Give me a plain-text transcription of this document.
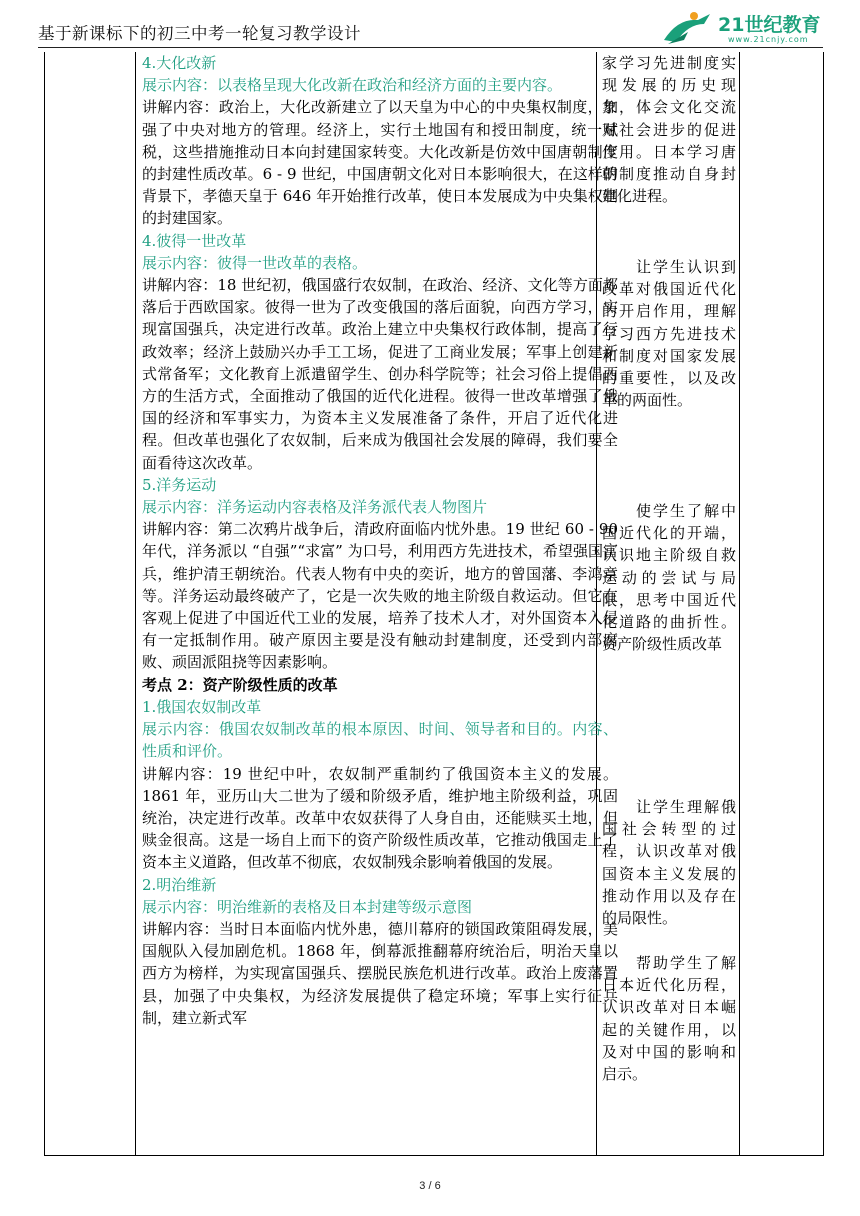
基于新课标下的初三中考一轮复习教学设计	21世纪教育
www.21cnjy.com

4.大化改新

展示内容：以表格呈现大化改新在政治和经济方面的主要内容。

讲解内容：政治上，大化改新建立了以天皇为中心的中央集权制度，加强了中央对地方的管理。经济上，实行土地国有和授田制度，统一赋税，这些措施推动日本向封建国家转变。大化改新是仿效中国唐朝制度的封建性质改革。6 - 9 世纪，中国唐朝文化对日本影响很大，在这样的背景下，孝德天皇于 646 年开始推行改革，使日本发展成为中央集权制的封建国家。

4.彼得一世改革

展示内容：彼得一世改革的表格。

讲解内容：18 世纪初，俄国盛行农奴制，在政治、经济、文化等方面都落后于西欧国家。彼得一世为了改变俄国的落后面貌，向西方学习，实现富国强兵，决定进行改革。政治上建立中央集权行政体制，提高了行政效率；经济上鼓励兴办手工工场，促进了工商业发展；军事上创建新式常备军；文化教育上派遣留学生、创办科学院等；社会习俗上提倡西方的生活方式，全面推动了俄国的近代化进程。彼得一世改革增强了俄国的经济和军事实力，为资本主义发展准备了条件，开启了近代化进程。但改革也强化了农奴制，后来成为俄国社会发展的障碍，我们要全面看待这次改革。

5.洋务运动

展示内容：洋务运动内容表格及洋务派代表人物图片

讲解内容：第二次鸦片战争后，清政府面临内忧外患。19 世纪 60 - 90 年代，洋务派以 “自强”“求富” 为口号，利用西方先进技术，希望强国富兵，维护清王朝统治。代表人物有中央的奕䜣，地方的曾国藩、李鸿章等。洋务运动最终破产了，它是一次失败的地主阶级自救运动。但它在客观上促进了中国近代工业的发展，培养了技术人才，对外国资本入侵有一定抵制作用。破产原因主要是没有触动封建制度，还受到内部腐败、顽固派阻挠等因素影响。

考点 2：资产阶级性质的改革

1.俄国农奴制改革

展示内容：俄国农奴制改革的根本原因、时间、领导者和目的。内容、性质和评价。

讲解内容：19 世纪中叶，农奴制严重制约了俄国资本主义的发展。1861 年，亚历山大二世为了缓和阶级矛盾，维护地主阶级利益，巩固统治，决定进行改革。改革中农奴获得了人身自由，还能赎买土地，但赎金很高。这是一场自上而下的资产阶级性质改革，它推动俄国走上了资本主义道路，但改革不彻底，农奴制残余影响着俄国的发展。

2.明治维新

展示内容：明治维新的表格及日本封建等级示意图

讲解内容：当时日本面临内忧外患，德川幕府的锁国政策阻碍发展，美国舰队入侵加剧危机。1868 年，倒幕派推翻幕府统治后，明治天皇以西方为榜样，为实现富国强兵、摆脱民族危机进行改革。政治上废藩置县，加强了中央集权，为经济发展提供了稳定环境；军事上实行征兵制，建立新式军

家学习先进制度实现发展的历史现象，体会文化交流对社会进步的促进作用。日本学习唐朝制度推动自身封建化进程。
　　让学生认识到改革对俄国近代化的开启作用，理解学习西方先进技术和制度对国家发展的重要性，以及改革的两面性。
　　使学生了解中国近代化的开端，认识地主阶级自救运动的尝试与局限，思考中国近代化道路的曲折性。资产阶级性质改革
　　让学生理解俄国社会转型的过程，认识改革对俄国资本主义发展的推动作用以及存在的局限性。
　　帮助学生了解日本近代化历程，认识改革对日本崛起的关键作用，以及对中国的影响和启示。
3 / 6
